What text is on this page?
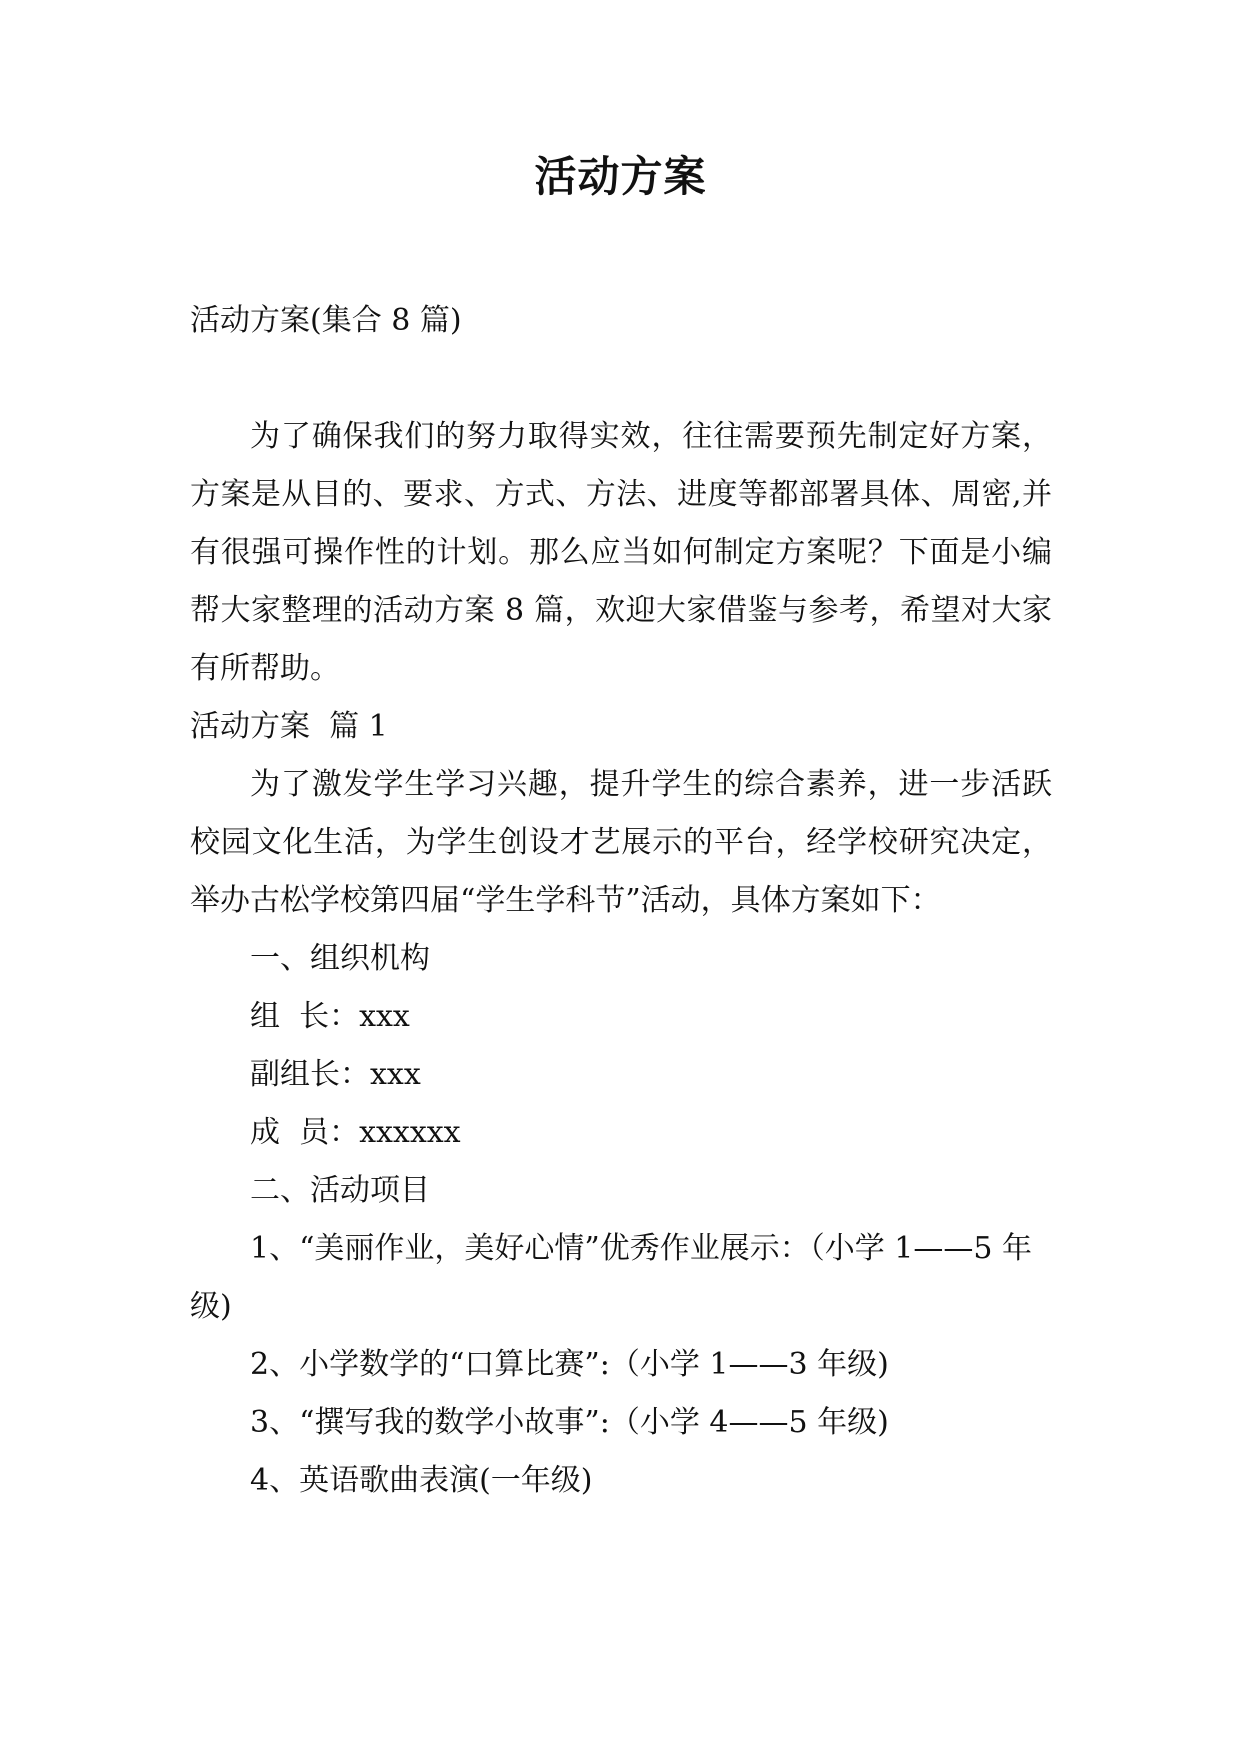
活动方案

活动方案(集合 8 篇)

为了确保我们的努力取得实效，往往需要预先制定好方案，方案是从目的、要求、方式、方法、进度等都部署具体、周密,并有很强可操作性的计划。那么应当如何制定方案呢？下面是小编帮大家整理的活动方案 8 篇，欢迎大家借鉴与参考，希望对大家有所帮助。

活动方案  篇 1

为了激发学生学习兴趣，提升学生的综合素养，进一步活跃校园文化生活，为学生创设才艺展示的平台，经学校研究决定，举办古松学校第四届“学生学科节”活动，具体方案如下：

一、组织机构

组  长：xxx

副组长：xxx

成  员：xxxxxx

二、活动项目

1、“美丽作业，美好心情”优秀作业展示：（小学 1——5 年级)

2、小学数学的“口算比赛”:（小学 1——3 年级)

3、“撰写我的数学小故事”:（小学 4——5 年级)

4、英语歌曲表演(一年级)
